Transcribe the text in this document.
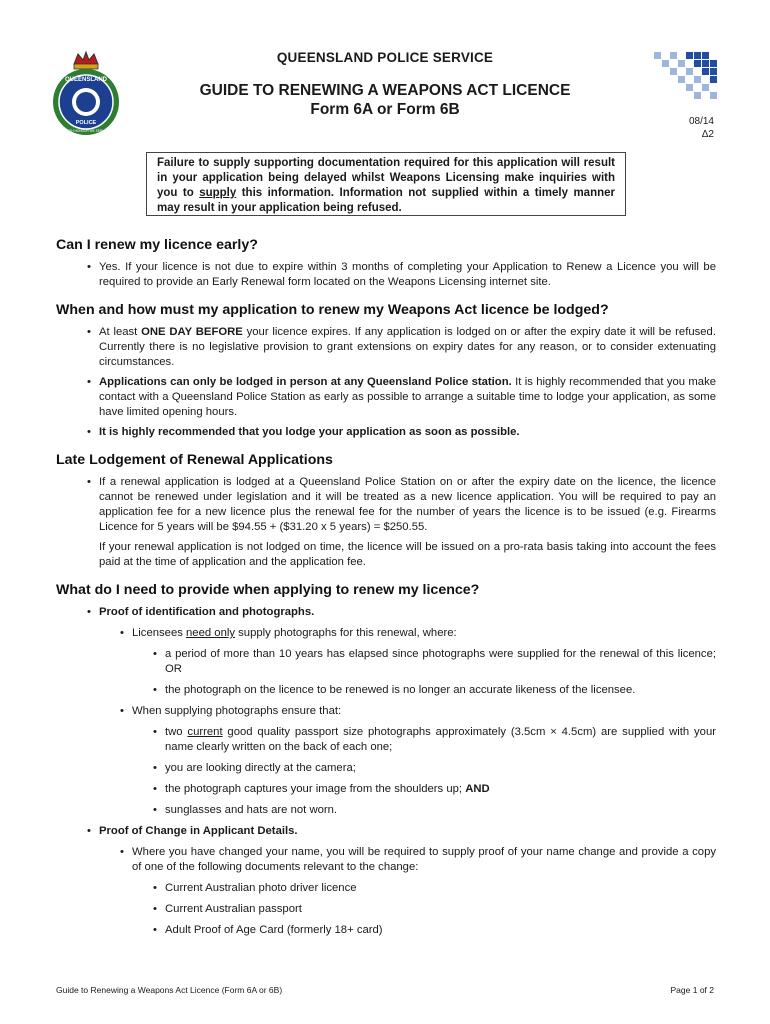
QUEENSLAND
POLICE
WITH HONOUR WE SERVE
QUEENSLAND POLICE SERVICE
GUIDE TO RENEWING A WEAPONS ACT LICENCE
Form 6A or Form 6B
08/14
Δ2
Failure to supply supporting documentation required for this application will result in your application being delayed whilst Weapons Licensing make inquiries with you to supply this information. Information not supplied within a timely manner may result in your application being refused.
Can I renew my licence early?
• Yes. If your licence is not due to expire within 3 months of completing your Application to Renew a Licence you will be required to provide an Early Renewal form located on the Weapons Licensing internet site.
When and how must my application to renew my Weapons Act licence be lodged?
• At least ONE DAY BEFORE your licence expires. If any application is lodged on or after the expiry date it will be refused. Currently there is no legislative provision to grant extensions on expiry dates for any reason, or to consider extenuating circumstances.
• Applications can only be lodged in person at any Queensland Police station. It is highly recommended that you make contact with a Queensland Police Station as early as possible to arrange a suitable time to lodge your application, as some have limited opening hours.
• It is highly recommended that you lodge your application as soon as possible.
Late Lodgement of Renewal Applications
• If a renewal application is lodged at a Queensland Police Station on or after the expiry date on the licence, the licence cannot be renewed under legislation and it will be treated as a new licence application. You will be required to pay an application fee for a new licence plus the renewal fee for the number of years the licence is to be issued (e.g. Firearms Licence for 5 years will be $94.55 + ($31.20 x 5 years) = $250.55.

If your renewal application is not lodged on time, the licence will be issued on a pro-rata basis taking into account the fees paid at the time of application and the application fee.

What do I need to provide when applying to renew my licence?
• Proof of identification and photographs.
• Licensees need only supply photographs for this renewal, where:
• a period of more than 10 years has elapsed since photographs were supplied for the renewal of this licence; OR
• the photograph on the licence to be renewed is no longer an accurate likeness of the licensee.
• When supplying photographs ensure that:
• two current good quality passport size photographs approximately (3.5cm × 4.5cm) are supplied with your name clearly written on the back of each one;
• you are looking directly at the camera;
• the photograph captures your image from the shoulders up; AND
• sunglasses and hats are not worn.
• Proof of Change in Applicant Details.
• Where you have changed your name, you will be required to supply proof of your name change and provide a copy of one of the following documents relevant to the change:
• Current Australian photo driver licence
• Current Australian passport
• Adult Proof of Age Card (formerly 18+ card)
Guide to Renewing a Weapons Act Licence (Form 6A or 6B)	Page 1 of 2
